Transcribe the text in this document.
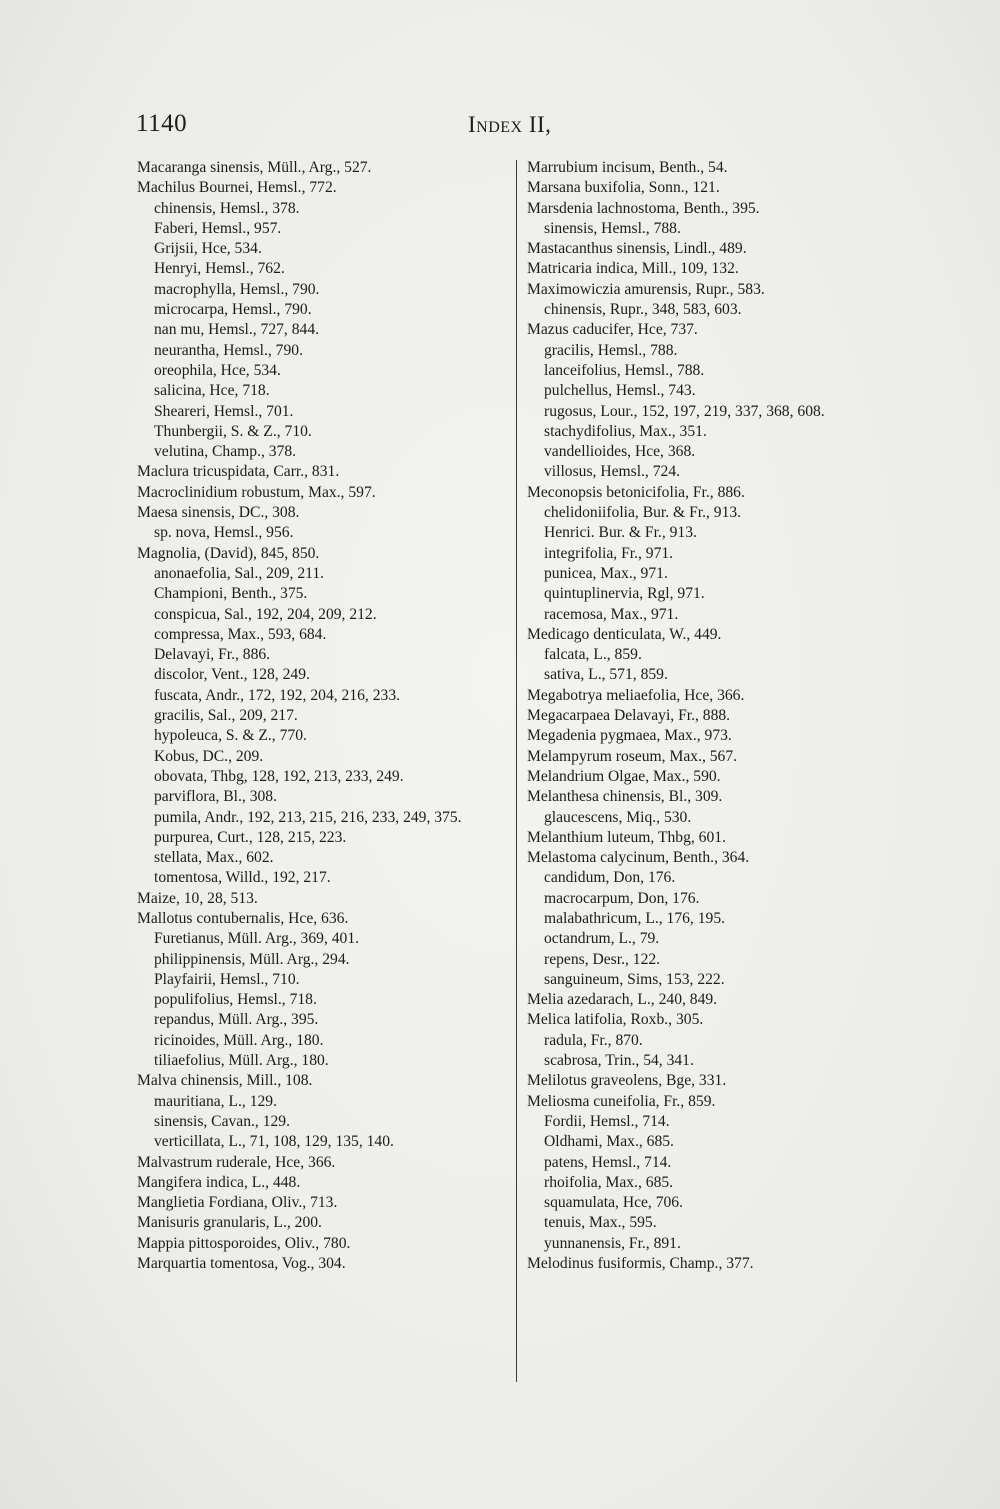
1140	Index II,
Macaranga sinensis, Müll., Arg., 527.
Machilus Bournei, Hemsl., 772.
chinensis, Hemsl., 378.
Faberi, Hemsl., 957.
Grijsii, Hce, 534.
Henryi, Hemsl., 762.
macrophylla, Hemsl., 790.
microcarpa, Hemsl., 790.
nan mu, Hemsl., 727, 844.
neurantha, Hemsl., 790.
oreophila, Hce, 534.
salicina, Hce, 718.
Sheareri, Hemsl., 701.
Thunbergii, S. & Z., 710.
velutina, Champ., 378.
Maclura tricuspidata, Carr., 831.
Macroclinidium robustum, Max., 597.
Maesa sinensis, DC., 308.
sp. nova, Hemsl., 956.
Magnolia, (David), 845, 850.
anonaefolia, Sal., 209, 211.
Championi, Benth., 375.
conspicua, Sal., 192, 204, 209, 212.
compressa, Max., 593, 684.
Delavayi, Fr., 886.
discolor, Vent., 128, 249.
fuscata, Andr., 172, 192, 204, 216, 233.
gracilis, Sal., 209, 217.
hypoleuca, S. & Z., 770.
Kobus, DC., 209.
obovata, Thbg, 128, 192, 213, 233, 249.
parviflora, Bl., 308.
pumila, Andr., 192, 213, 215, 216, 233, 249, 375.
purpurea, Curt., 128, 215, 223.
stellata, Max., 602.
tomentosa, Willd., 192, 217.
Maize, 10, 28, 513.
Mallotus contubernalis, Hce, 636.
Furetianus, Müll. Arg., 369, 401.
philippinensis, Müll. Arg., 294.
Playfairii, Hemsl., 710.
populifolius, Hemsl., 718.
repandus, Müll. Arg., 395.
ricinoides, Müll. Arg., 180.
tiliaefolius, Müll. Arg., 180.
Malva chinensis, Mill., 108.
mauritiana, L., 129.
sinensis, Cavan., 129.
verticillata, L., 71, 108, 129, 135, 140.
Malvastrum ruderale, Hce, 366.
Mangifera indica, L., 448.
Manglietia Fordiana, Oliv., 713.
Manisuris granularis, L., 200.
Mappia pittosporoides, Oliv., 780.
Marquartia tomentosa, Vog., 304.
Marrubium incisum, Benth., 54.
Marsana buxifolia, Sonn., 121.
Marsdenia lachnostoma, Benth., 395.
sinensis, Hemsl., 788.
Mastacanthus sinensis, Lindl., 489.
Matricaria indica, Mill., 109, 132.
Maximowiczia amurensis, Rupr., 583.
chinensis, Rupr., 348, 583, 603.
Mazus caducifer, Hce, 737.
gracilis, Hemsl., 788.
lanceifolius, Hemsl., 788.
pulchellus, Hemsl., 743.
rugosus, Lour., 152, 197, 219, 337, 368, 608.
stachydifolius, Max., 351.
vandellioides, Hce, 368.
villosus, Hemsl., 724.
Meconopsis betonicifolia, Fr., 886.
chelidoniifolia, Bur. & Fr., 913.
Henrici. Bur. & Fr., 913.
integrifolia, Fr., 971.
punicea, Max., 971.
quintuplinervia, Rgl, 971.
racemosa, Max., 971.
Medicago denticulata, W., 449.
falcata, L., 859.
sativa, L., 571, 859.
Megabotrya meliaefolia, Hce, 366.
Megacarpaea Delavayi, Fr., 888.
Megadenia pygmaea, Max., 973.
Melampyrum roseum, Max., 567.
Melandrium Olgae, Max., 590.
Melanthesa chinensis, Bl., 309.
glaucescens, Miq., 530.
Melanthium luteum, Thbg, 601.
Melastoma calycinum, Benth., 364.
candidum, Don, 176.
macrocarpum, Don, 176.
malabathricum, L., 176, 195.
octandrum, L., 79.
repens, Desr., 122.
sanguineum, Sims, 153, 222.
Melia azedarach, L., 240, 849.
Melica latifolia, Roxb., 305.
radula, Fr., 870.
scabrosa, Trin., 54, 341.
Melilotus graveolens, Bge, 331.
Meliosma cuneifolia, Fr., 859.
Fordii, Hemsl., 714.
Oldhami, Max., 685.
patens, Hemsl., 714.
rhoifolia, Max., 685.
squamulata, Hce, 706.
tenuis, Max., 595.
yunnanensis, Fr., 891.
Melodinus fusiformis, Champ., 377.
